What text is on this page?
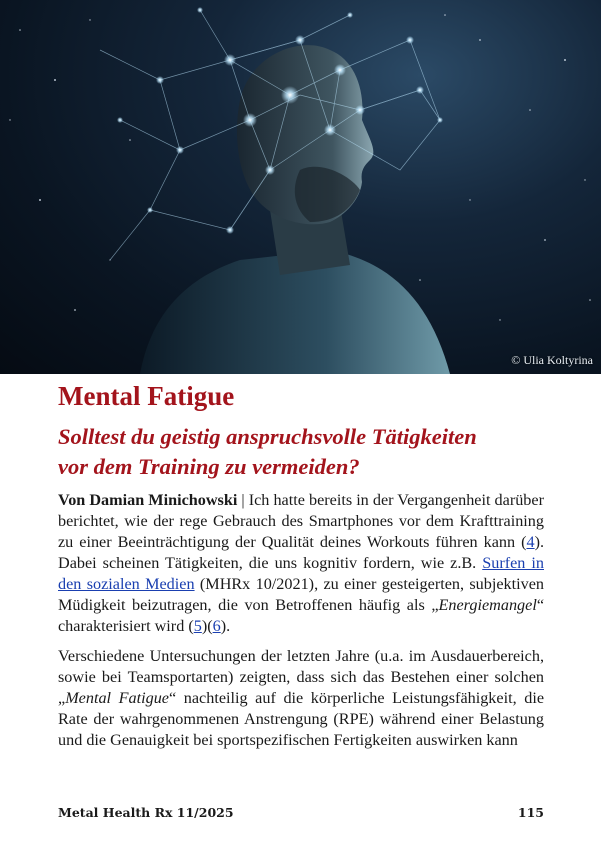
© Ulia Koltyrina
Mental Fatigue
Solltest du geistig anspruchsvolle Tätigkeiten
vor dem Training zu vermeiden?

Von Damian Minichowski | Ich hatte bereits in der Vergangenheit darüber berichtet, wie der rege Gebrauch des Smartphones vor dem Krafttraining zu einer Beeinträchtigung der Qualität deines Workouts führen kann (4). Dabei scheinen Tätigkeiten, die uns kognitiv fordern, wie z.B. Surfen in den sozialen Medien (MHRx 10/2021), zu einer gesteigerten, subjektiven Müdigkeit beizutragen, die von Betroffenen häufig als „Energiemangel“ charakterisiert wird (5)(6).

Verschiedene Untersuchungen der letzten Jahre (u.a. im Ausdauerbereich, sowie bei Teamsportarten) zeigten, dass sich das Bestehen einer solchen „Mental Fatigue“ nachteilig auf die körperliche Leistungsfähigkeit, die Rate der wahrgenommenen Anstrengung (RPE) während einer Belastung und die Genauigkeit bei sportspezifischen Fertigkeiten auswirken kann

Metal Health Rx 11/2025	115
